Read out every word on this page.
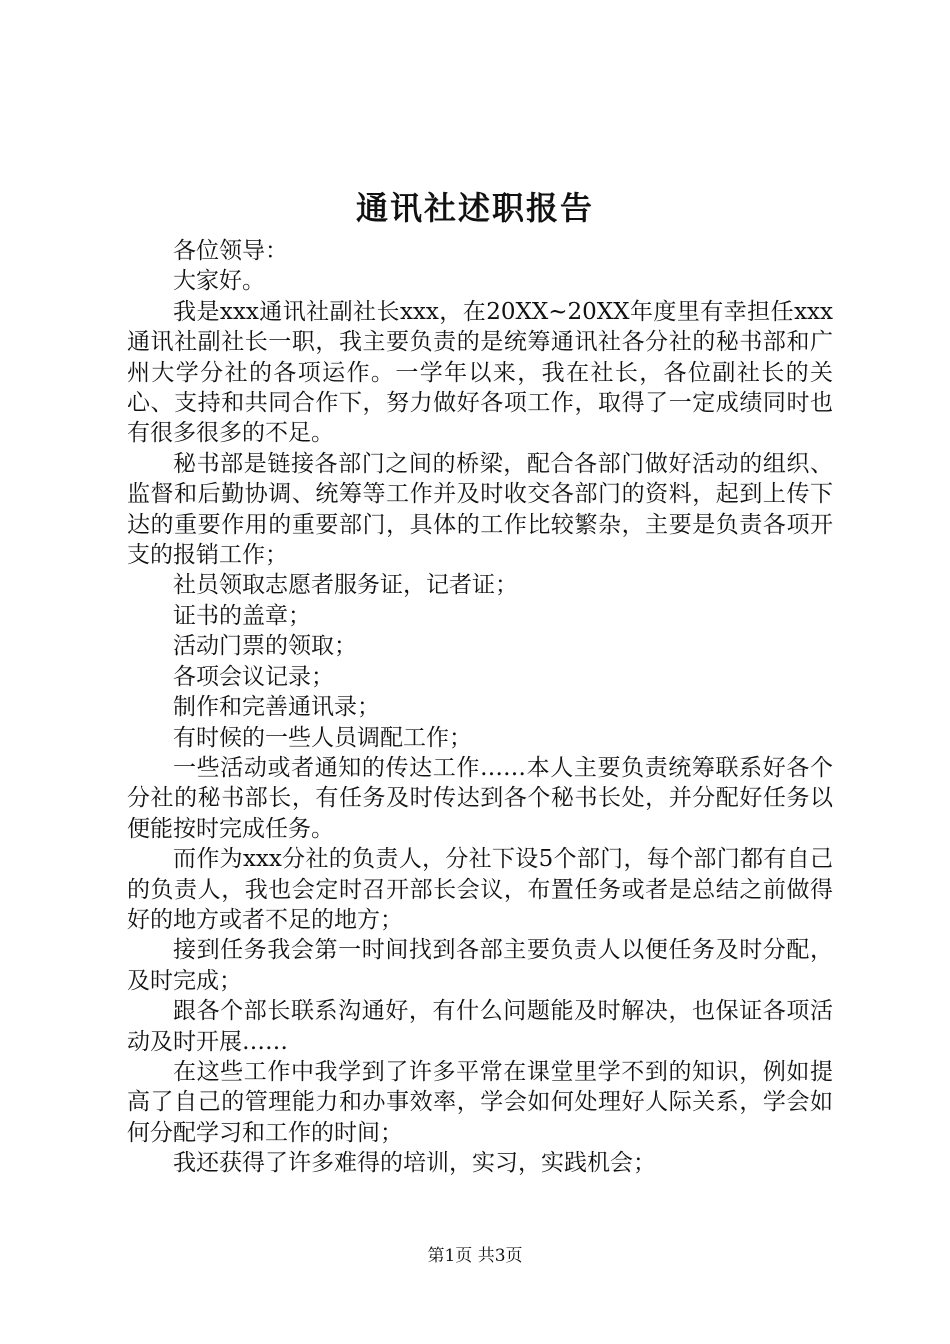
通讯社述职报告

各位领导：

大家好。

我是xxx通讯社副社长xxx，在20XX~20XX年度里有幸担任xxx通讯社副社长一职，我主要负责的是统筹通讯社各分社的秘书部和广州大学分社的各项运作。一学年以来，我在社长，各位副社长的关心、支持和共同合作下，努力做好各项工作，取得了一定成绩同时也有很多很多的不足。

秘书部是链接各部门之间的桥梁，配合各部门做好活动的组织、监督和后勤协调、统筹等工作并及时收交各部门的资料，起到上传下达的重要作用的重要部门，具体的工作比较繁杂，主要是负责各项开支的报销工作；

社员领取志愿者服务证，记者证；

证书的盖章；

活动门票的领取；

各项会议记录；

制作和完善通讯录；

有时候的一些人员调配工作；

一些活动或者通知的传达工作……本人主要负责统筹联系好各个分社的秘书部长，有任务及时传达到各个秘书长处，并分配好任务以便能按时完成任务。

而作为xxx分社的负责人，分社下设5个部门，每个部门都有自己的负责人，我也会定时召开部长会议，布置任务或者是总结之前做得好的地方或者不足的地方；

接到任务我会第一时间找到各部主要负责人以便任务及时分配，及时完成；

跟各个部长联系沟通好，有什么问题能及时解决，也保证各项活动及时开展……

在这些工作中我学到了许多平常在课堂里学不到的知识，例如提高了自己的管理能力和办事效率，学会如何处理好人际关系，学会如何分配学习和工作的时间；

我还获得了许多难得的培训，实习，实践机会；

第1页 共3页
